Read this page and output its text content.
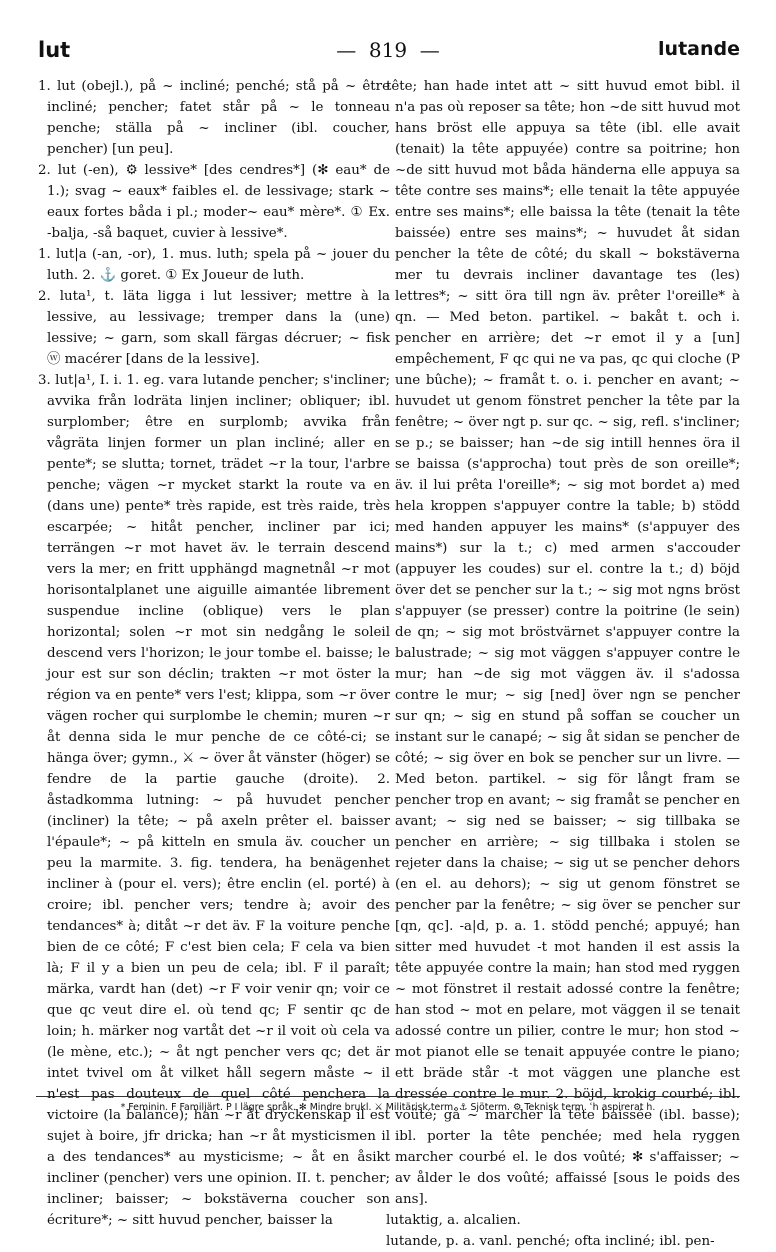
lut	—  819  —	lutande

1. lut (obejl.), på ~ incliné; penché; stå på ~ être incliné; pencher; fatet står på ~ le tonneau penche; ställa på ~ incliner (ibl. coucher, pencher) [un peu].

2. lut (-en), ⚙ lessive* [des cendres*] (✻ eau* de 1.); svag ~ eaux* faibles el. de lessivage; stark ~ eaux fortes båda i pl.; moder~ eau* mère*. ① Ex. -balja, -så baquet, cuvier à lessive*.

1. lut|a (-an, -or), 1. mus. luth; spela på ~ jouer du luth. 2. ⚓ goret. ① Ex Joueur de luth.

2. luta¹, t. läta ligga i lut lessiver; mettre à la lessive, au lessivage; tremper dans la (une) lessive; ~ garn, som skall färgas décruer; ~ fisk ⓦ macérer [dans de la lessive].

3. lut|a¹, I. i. 1. eg. vara lutande pencher; s'incliner; avvika från lodräta linjen incliner; obliquer; ibl. surplomber; être en surplomb; avvika från vågräta linjen former un plan incliné; aller en pente*; se slutta; tornet, trädet ~r la tour, l'arbre penche; vägen ~r mycket starkt la route va en (dans une) pente* très rapide, est très raide, très escarpée; ~ hitåt pencher, incliner par ici; terrängen ~r mot havet äv. le terrain descend vers la mer; en fritt upphängd magnetnål ~r mot horisontalplanet une aiguille aimantée librement suspendue incline (oblique) vers le plan horizontal; solen ~r mot sin nedgång le soleil descend vers l'horizon; le jour tombe el. baisse; le jour est sur son déclin; trakten ~r mot öster la région va en pente* vers l'est; klippa, som ~r över vägen rocher qui surplombe le chemin; muren ~r åt denna sida le mur penche de ce côté-ci; se hänga över; gymn., ⚔ ~ över åt vänster (höger) se fendre de la partie gauche (droite). 2. åstadkomma lutning: ~ på huvudet pencher (incliner) la tête; ~ på axeln prêter el. baisser l'épaule*; ~ på kitteln en smula äv. coucher un peu la marmite. 3. fig. tendera, ha benägenhet incliner à (pour el. vers); être enclin (el. porté) à croire; ibl. pencher vers; tendre à; avoir des tendances* à; ditåt ~r det äv. F la voiture penche bien de ce côté; F c'est bien cela; F cela va bien là; F il y a bien un peu de cela; ibl. F il paraît; märka, vardt han (det) ~r F voir venir qn; voir ce que qc veut dire el. où tend qc; F sentir qc de loin; h. märker nog vartåt det ~r il voit où cela va (le mène, etc.); ~ åt ngt pencher vers qc; det är intet tvivel om åt vilket håll segern måste ~ il n'est pas douteux de quel côté penchera la victoire (la balance); han ~r åt dryckenskap il est sujet à boire, jfr dricka; han ~r åt mysticismen il a des tendances* au mysticisme; ~ åt en åsikt incliner (pencher) vers une opinion. II. t. pencher; incliner; baisser; ~ bokstäverna coucher son écriture*; ~ sitt huvud pencher, baisser la

tête; han hade intet att ~ sitt huvud emot bibl. il n'a pas où reposer sa tête; hon ~de sitt huvud mot hans bröst elle appuya sa tête (ibl. elle avait (tenait) la tête appuyée) contre sa poitrine; hon ~de sitt huvud mot båda händerna elle appuya sa tête contre ses mains*; elle tenait la tête appuyée entre ses mains*; elle baissa la tête (tenait la tête baissée) entre ses mains*; ~ huvudet åt sidan pencher la tête de côté; du skall ~ bokstäverna mer tu devrais incliner davantage tes (les) lettres*; ~ sitt öra till ngn äv. prêter l'oreille* à qn. — Med beton. partikel. ~ bakåt t. och i. pencher en arrière; det ~r emot il y a [un] empêchement, F qc qui ne va pas, qc qui cloche (P une bûche); ~ framåt t. o. i. pencher en avant; ~ huvudet ut genom fönstret pencher la tête par la fenêtre; ~ över ngt p. sur qc. ~ sig, refl. s'incliner; se p.; se baisser; han ~de sig intill hennes öra il se baissa (s'approcha) tout près de son oreille*; äv. il lui prêta l'oreille*; ~ sig mot bordet a) med hela kroppen s'appuyer contre la table; b) stödd med handen appuyer les mains* (s'appuyer des mains*) sur la t.; c) med armen s'accouder (appuyer les coudes) sur el. contre la t.; d) böjd över det se pencher sur la t.; ~ sig mot ngns bröst s'appuyer (se presser) contre la poitrine (le sein) de qn; ~ sig mot bröstvärnet s'appuyer contre la balustrade; ~ sig mot väggen s'appuyer contre le mur; han ~de sig mot väggen äv. il s'adossa contre le mur; ~ sig [ned] över ngn se pencher sur qn; ~ sig en stund på soffan se coucher un instant sur le canapé; ~ sig åt sidan se pencher de côté; ~ sig över en bok se pencher sur un livre. — Med beton. partikel. ~ sig för långt fram se pencher trop en avant; ~ sig framåt se pencher en avant; ~ sig ned se baisser; ~ sig tillbaka se pencher en arrière; ~ sig tillbaka i stolen se rejeter dans la chaise; ~ sig ut se pencher dehors (en el. au dehors); ~ sig ut genom fönstret se pencher par la fenêtre; ~ sig över se pencher sur [qn, qc]. -a|d, p. a. 1. stödd penché; appuyé; han sitter med huvudet -t mot handen il est assis la tête appuyée contre la main; han stod med ryggen ~ mot fönstret il restait adossé contre la fenêtre; han stod ~ mot en pelare, mot väggen il se tenait adossé contre un pilier, contre le mur; hon stod ~ mot pianot elle se tenait appuyée contre le piano; ett bräde står -t mot väggen une planche est dressée contre le mur. 2. böjd, krokig courbé; ibl. voûté; gå ~ marcher la tête baissée (ibl. basse); ibl. porter la tête penchée; med hela ryggen marcher courbé el. le dos voûté; ✻ s'affaisser; ~ av ålder le dos voûté; affaissé [sous le poids des ans].

lutaktig, a. alcalien.

lutande, p. a. vanl. penché; ofta incliné; ibl. pen-

* Feminin. F Familjärt. P I lägre språk. ✻ Mindre brukl. ⚔ Militärisk term. ⚓ Sjöterm. ⚙ Teknisk term. ʿh aspirerat h.
